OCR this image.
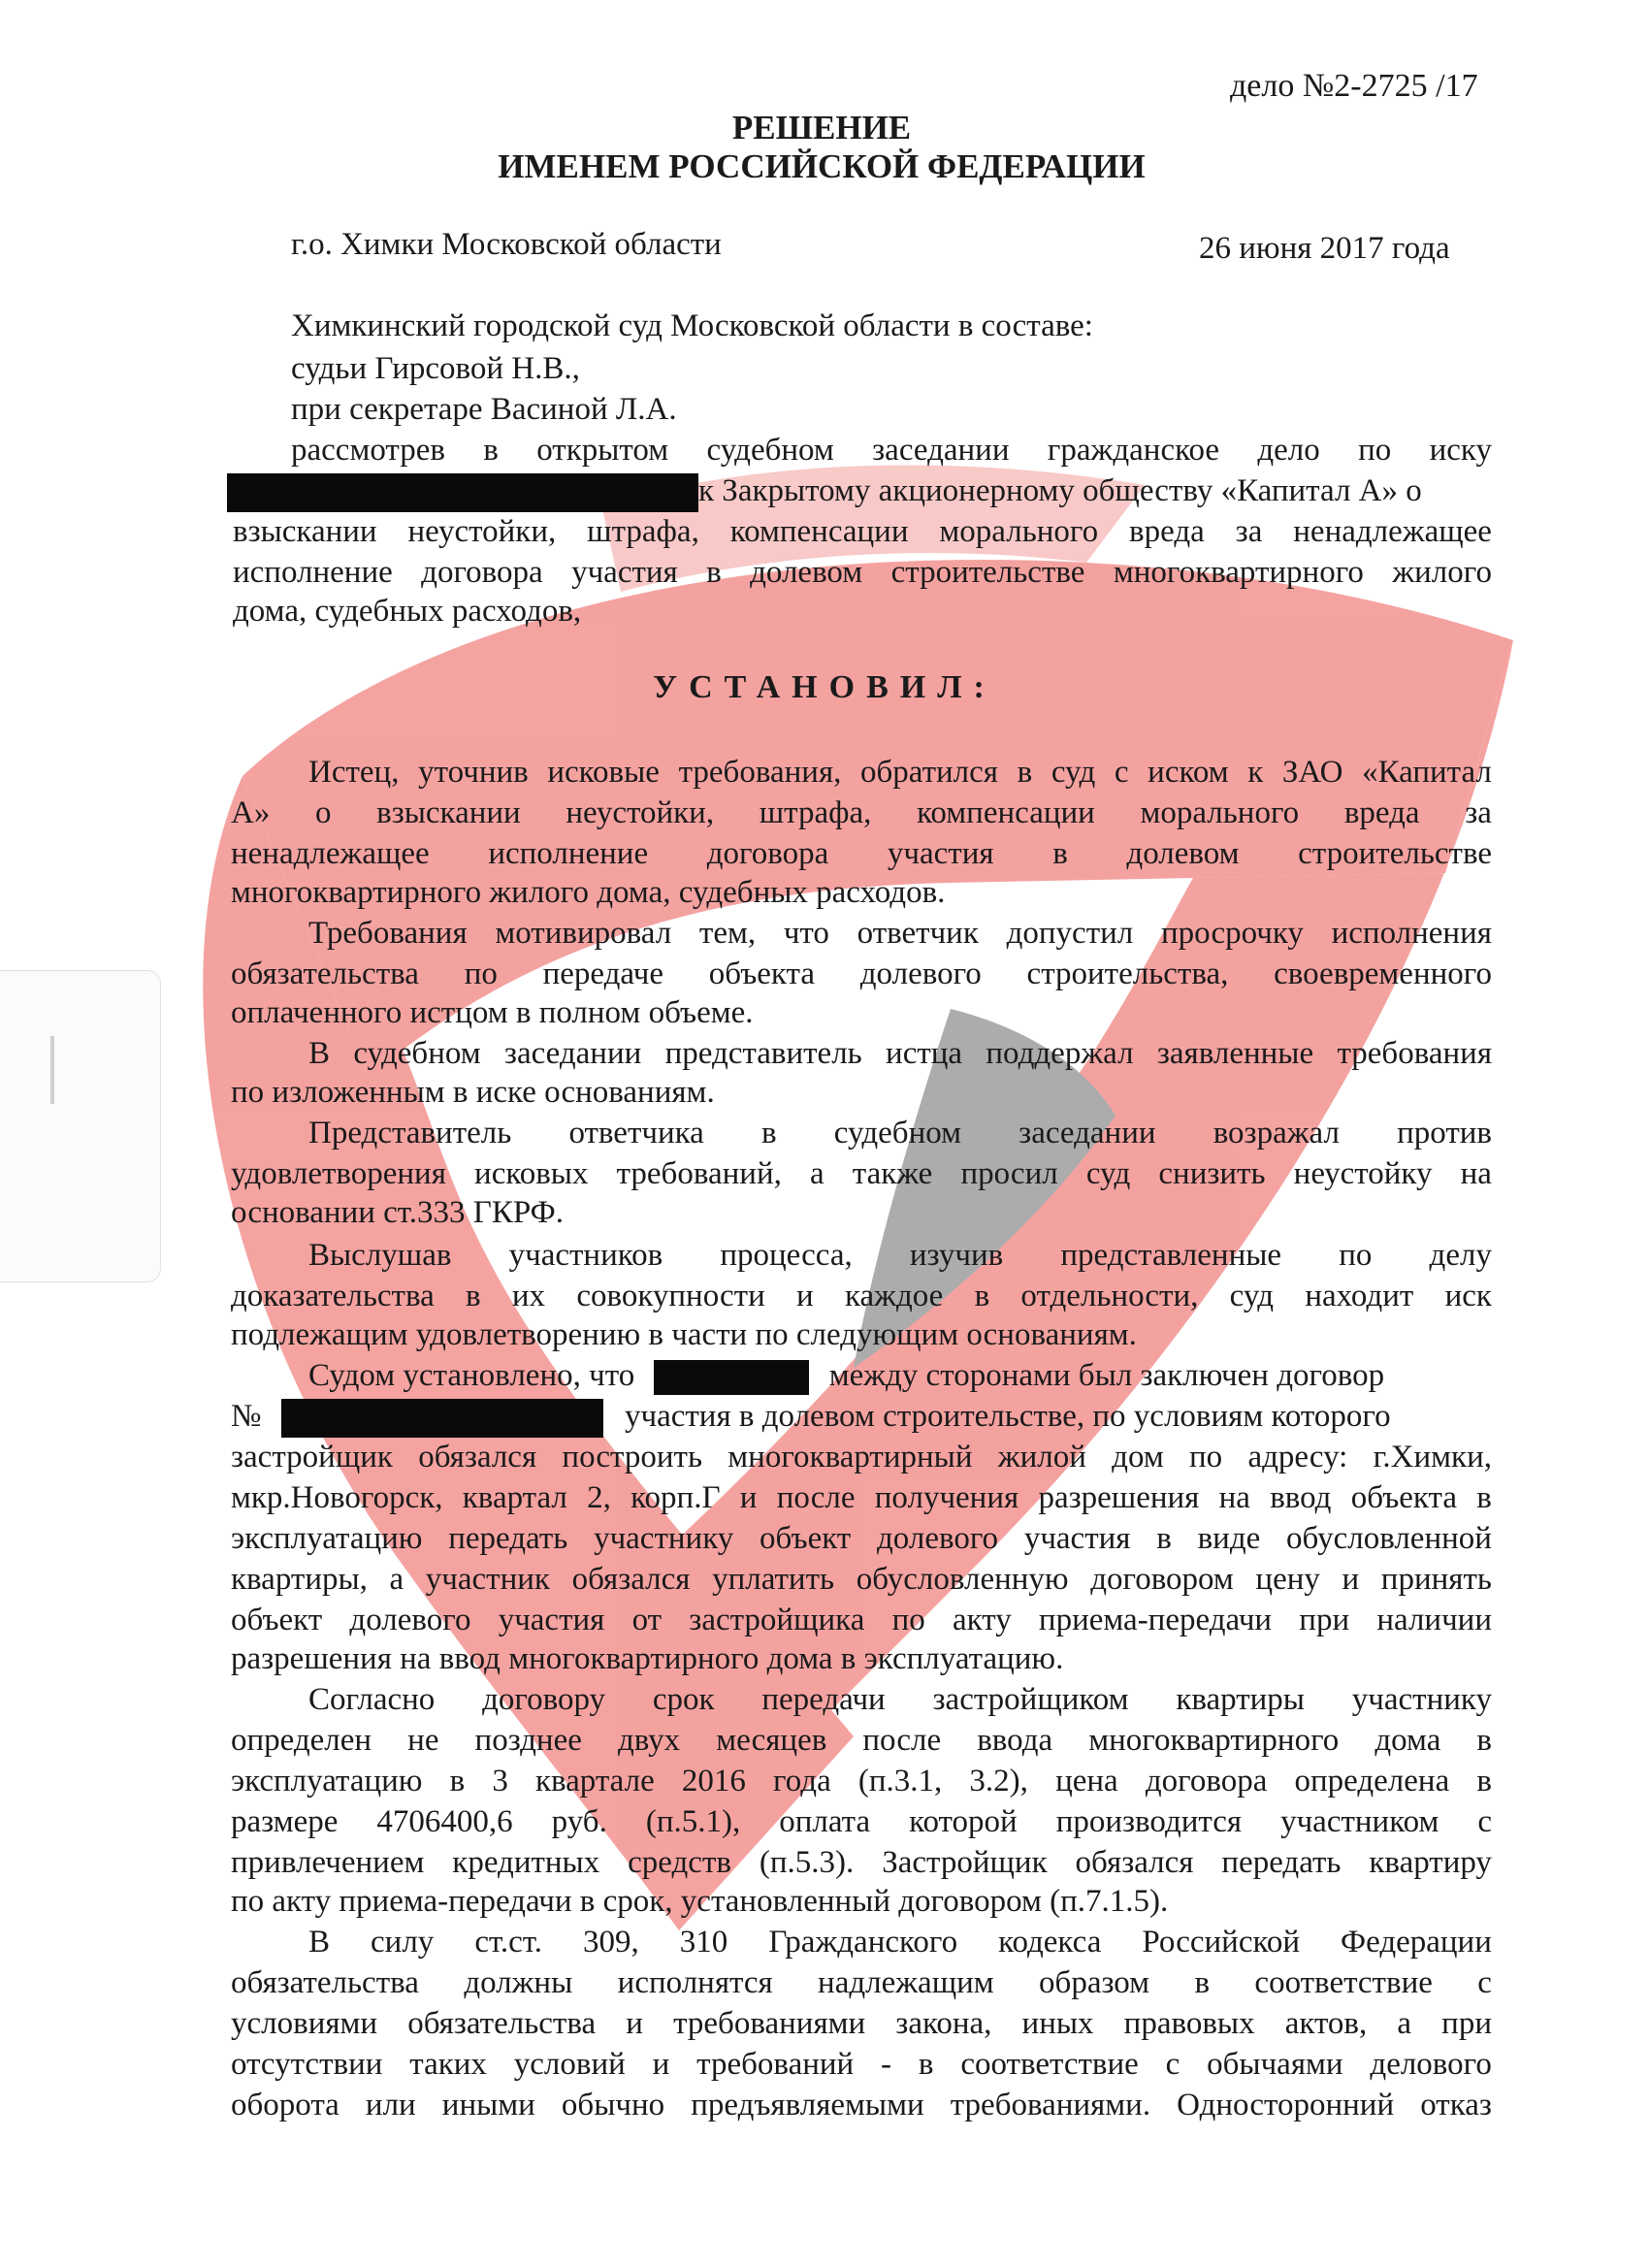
дело №2-2725 /17
РЕШЕНИЕ
ИМЕНЕМ РОССИЙСКОЙ ФЕДЕРАЦИИ
г.о. Химки Московской области	26 июня 2017 года
Химкинский городской суд Московской области в составе:
судьи Гирсовой Н.В.,
при секретаре Васиной Л.А.
рассмотрев в открытом судебном заседании гражданское дело по иску
к Закрытому акционерному обществу «Капитал А» о
взыскании неустойки, штрафа, компенсации морального вреда за ненадлежащее
исполнение договора участия в долевом строительстве многоквартирного жилого
дома, судебных расходов,
УСТАНОВИЛ:
Истец, уточнив исковые требования, обратился в суд с иском к ЗАО «Капитал
А» о взыскании неустойки, штрафа, компенсации морального вреда за
ненадлежащее исполнение договора участия в долевом строительстве
многоквартирного жилого дома, судебных расходов.
Требования мотивировал тем, что ответчик допустил просрочку исполнения
обязательства по передаче объекта долевого строительства, своевременного
оплаченного истцом в полном объеме.
В судебном заседании представитель истца поддержал заявленные требования
по изложенным в иске основаниям.
Представитель ответчика в судебном заседании возражал против
удовлетворения исковых требований, а также просил суд снизить неустойку на
основании ст.333 ГКРФ.
Выслушав участников процесса, изучив представленные по делу
доказательства в их совокупности и каждое в отдельности, суд находит иск
подлежащим удовлетворению в части по следующим основаниям.
Судом установлено, что	между сторонами был заключен договор
№	участия в долевом строительстве, по условиям которого
застройщик обязался построить многоквартирный жилой дом по адресу: г.Химки,
мкр.Новогорск, квартал 2, корп.Г и после получения разрешения на ввод объекта в
эксплуатацию передать участнику объект долевого участия в виде обусловленной
квартиры, а участник обязался уплатить обусловленную договором цену и принять
объект долевого участия от застройщика по акту приема-передачи при наличии
разрешения на ввод многоквартирного дома в эксплуатацию.
Согласно договору срок передачи застройщиком квартиры участнику
определен не позднее двух месяцев после ввода многоквартирного дома в
эксплуатацию в 3 квартале 2016 года (п.3.1, 3.2), цена договора определена в
размере 4706400,6 руб. (п.5.1), оплата которой производится участником с
привлечением кредитных средств (п.5.3). Застройщик обязался передать квартиру
по акту приема-передачи в срок, установленный договором (п.7.1.5).
В силу ст.ст. 309, 310 Гражданского кодекса Российской Федерации
обязательства должны исполнятся надлежащим образом в соответствие с
условиями обязательства и требованиями закона, иных правовых актов, а при
отсутствии таких условий и требований - в соответствие с обычаями делового
оборота или иными обычно предъявляемыми требованиями. Односторонний отказ
